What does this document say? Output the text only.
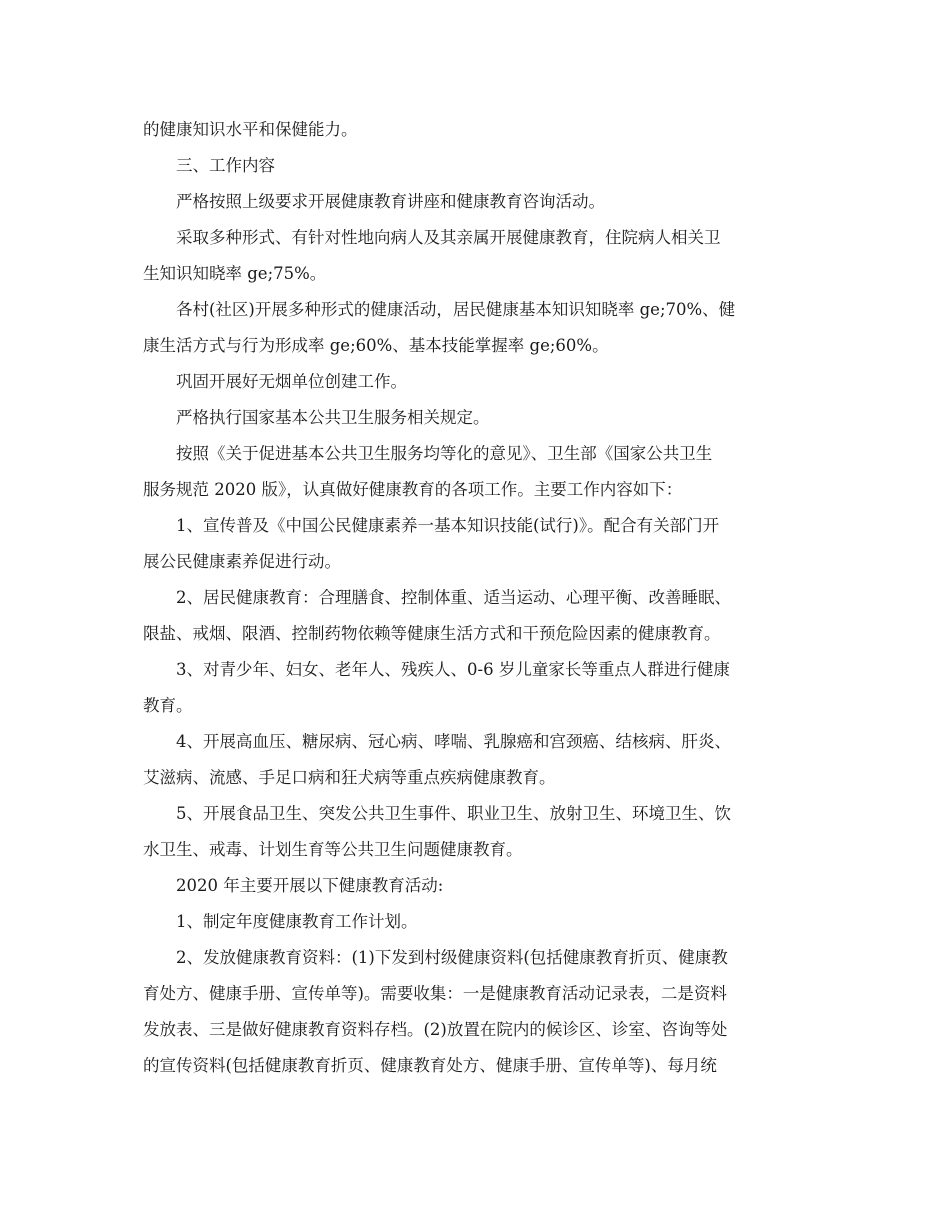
的健康知识水平和保健能力。
三、工作内容
严格按照上级要求开展健康教育讲座和健康教育咨询活动。
采取多种形式、有针对性地向病人及其亲属开展健康教育，住院病人相关卫
生知识知晓率 ge;75%。
各村(社区)开展多种形式的健康活动，居民健康基本知识知晓率 ge;70%、健
康生活方式与行为形成率 ge;60%、基本技能掌握率 ge;60%。
巩固开展好无烟单位创建工作。
严格执行国家基本公共卫生服务相关规定。
按照《关于促进基本公共卫生服务均等化的意见》、卫生部《国家公共卫生
服务规范 2020 版》，认真做好健康教育的各项工作。主要工作内容如下：
1、宣传普及《中国公民健康素养一基本知识技能(试行)》。配合有关部门开
展公民健康素养促进行动。
2、居民健康教育：合理膳食、控制体重、适当运动、心理平衡、改善睡眠、
限盐、戒烟、限酒、控制药物依赖等健康生活方式和干预危险因素的健康教育。
3、对青少年、妇女、老年人、残疾人、0-6 岁儿童家长等重点人群进行健康
教育。
4、开展高血压、糖尿病、冠心病、哮喘、乳腺癌和宫颈癌、结核病、肝炎、
艾滋病、流感、手足口病和狂犬病等重点疾病健康教育。
5、开展食品卫生、突发公共卫生事件、职业卫生、放射卫生、环境卫生、饮
水卫生、戒毒、计划生育等公共卫生问题健康教育。
2020 年主要开展以下健康教育活动:
1、制定年度健康教育工作计划。
2、发放健康教育资料：(1)下发到村级健康资料(包括健康教育折页、健康教
育处方、健康手册、宣传单等)。需要收集：一是健康教育活动记录表，二是资料
发放表、三是做好健康教育资料存档。(2)放置在院内的候诊区、诊室、咨询等处
的宣传资料(包括健康教育折页、健康教育处方、健康手册、宣传单等)、每月统
